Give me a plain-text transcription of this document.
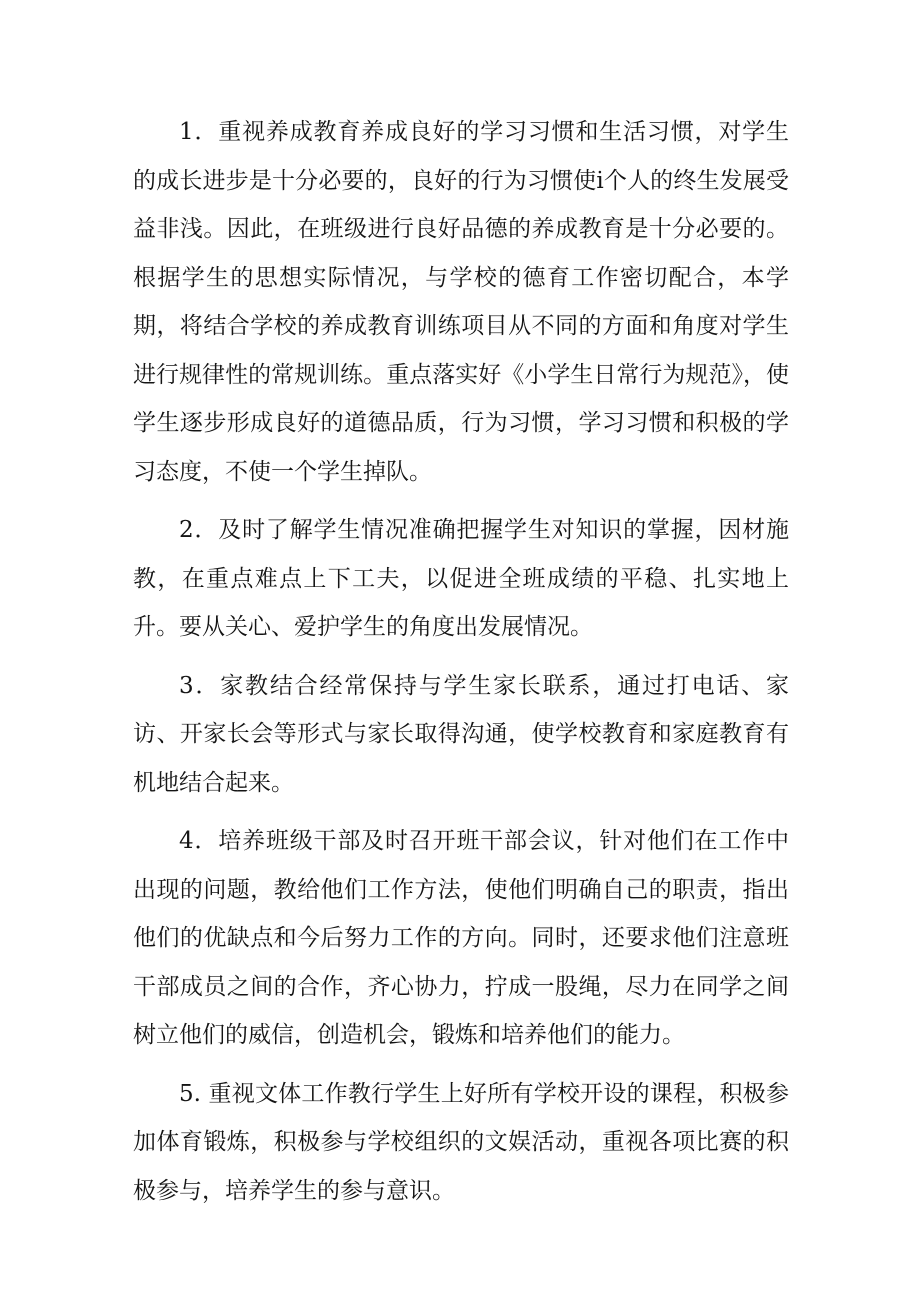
1．重视养成教育养成良好的学习习惯和生活习惯，对学生的成长进步是十分必要的，良好的行为习惯使i个人的终生发展受益非浅。因此，在班级进行良好品德的养成教育是十分必要的。根据学生的思想实际情况，与学校的德育工作密切配合，本学期，将结合学校的养成教育训练项目从不同的方面和角度对学生进行规律性的常规训练。重点落实好《小学生日常行为规范》，使学生逐步形成良好的道德品质，行为习惯，学习习惯和积极的学习态度，不使一个学生掉队。

2．及时了解学生情况准确把握学生对知识的掌握，因材施教，在重点难点上下工夫，以促进全班成绩的平稳、扎实地上升。要从关心、爱护学生的角度出发展情况。

3．家教结合经常保持与学生家长联系，通过打电话、家访、开家长会等形式与家长取得沟通，使学校教育和家庭教育有机地结合起来。

4．培养班级干部及时召开班干部会议，针对他们在工作中出现的问题，教给他们工作方法，使他们明确自己的职责，指出他们的优缺点和今后努力工作的方向。同时，还要求他们注意班干部成员之间的合作，齐心协力，拧成一股绳，尽力在同学之间树立他们的威信，创造机会，锻炼和培养他们的能力。

5. 重视文体工作教行学生上好所有学校开设的课程，积极参加体育锻炼，积极参与学校组织的文娱活动，重视各项比赛的积极参与，培养学生的参与意识。
